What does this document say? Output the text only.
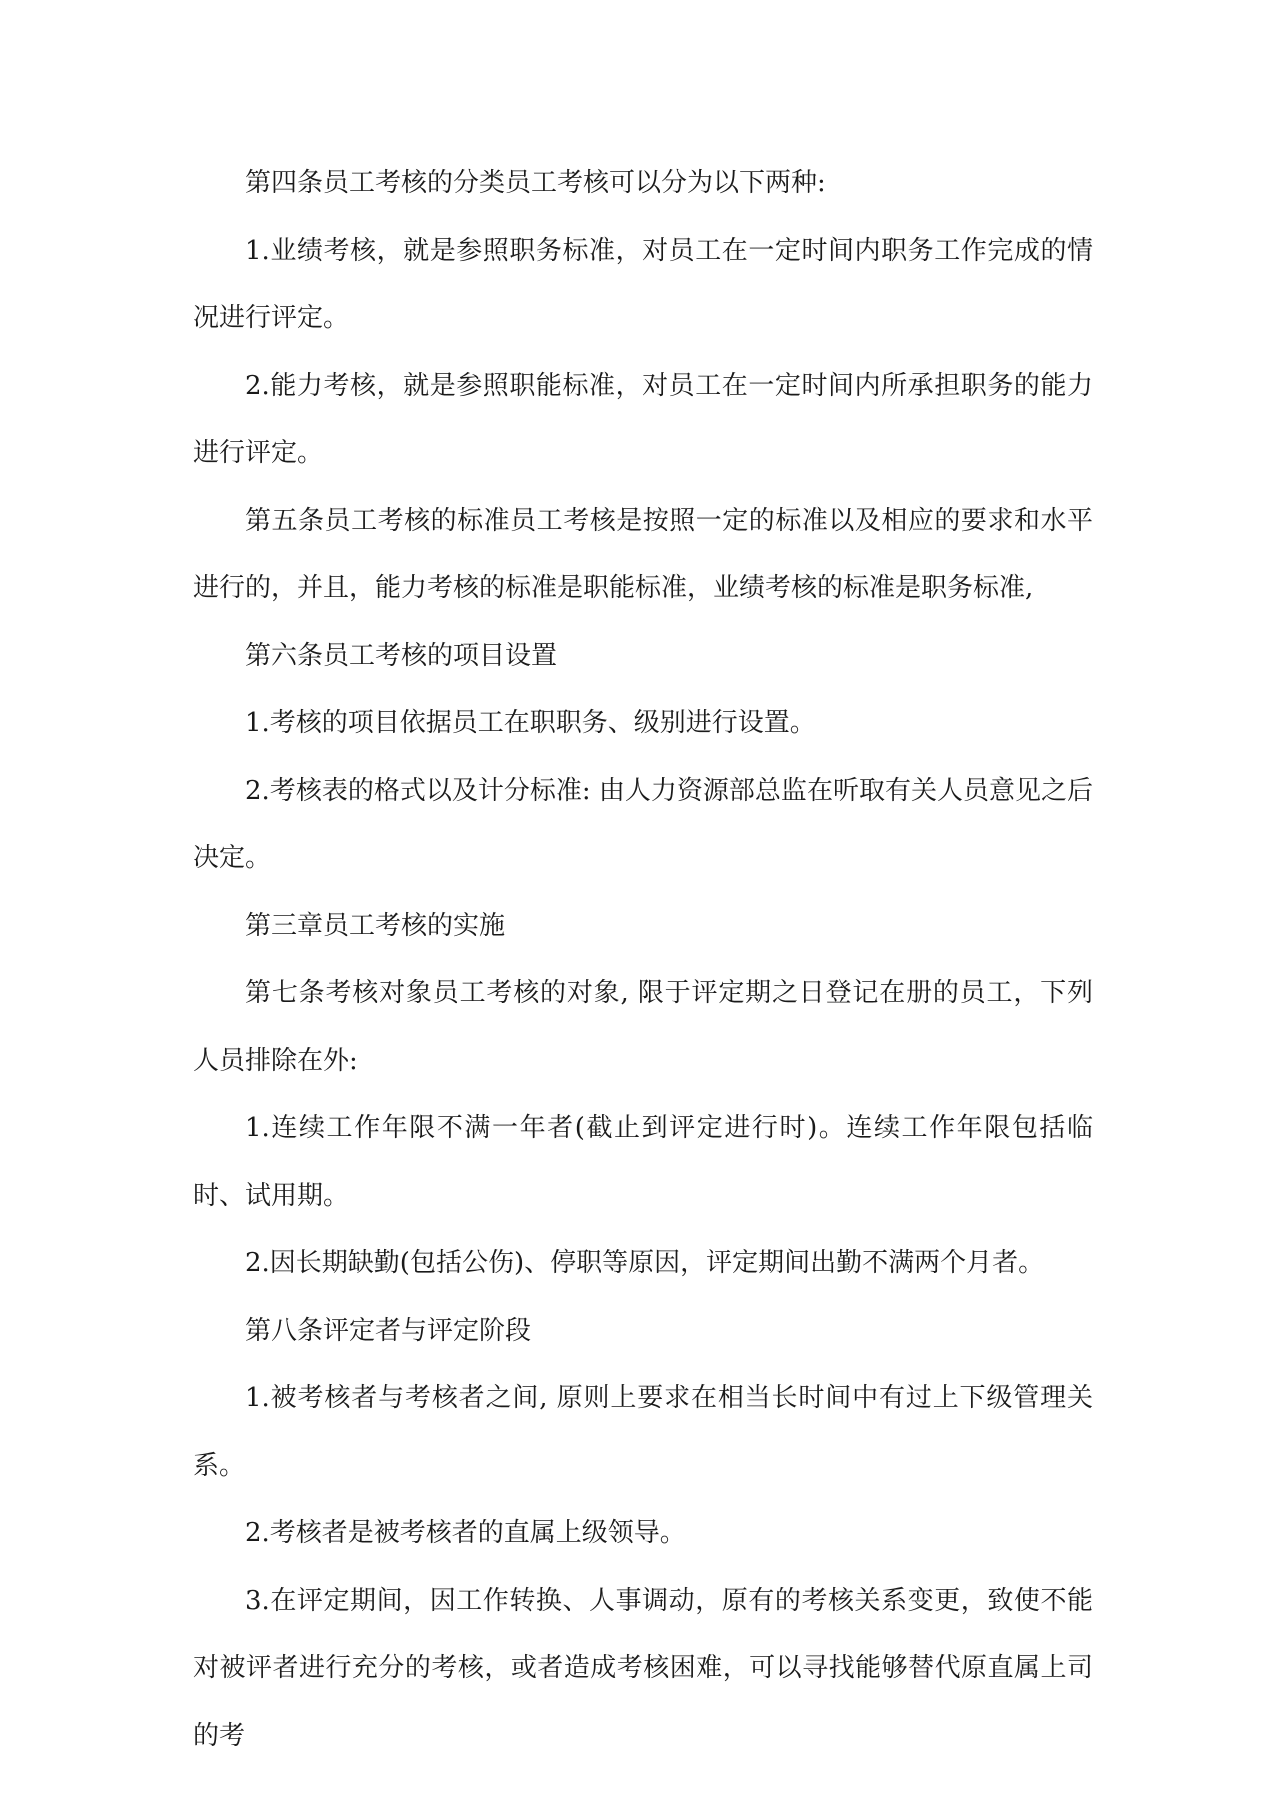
第四条员工考核的分类员工考核可以分为以下两种:

1.业绩考核，就是参照职务标准，对员工在一定时间内职务工作完成的情况进行评定。

2.能力考核，就是参照职能标准，对员工在一定时间内所承担职务的能力进行评定。

第五条员工考核的标准员工考核是按照一定的标准以及相应的要求和水平进行的，并且，能力考核的标准是职能标准，业绩考核的标准是职务标准,

第六条员工考核的项目设置

1.考核的项目依据员工在职职务、级别进行设置。

2.考核表的格式以及计分标准: 由人力资源部总监在听取有关人员意见之后决定。

第三章员工考核的实施

第七条考核对象员工考核的对象, 限于评定期之日登记在册的员工，下列人员排除在外:

1.连续工作年限不满一年者(截止到评定进行时)。连续工作年限包括临时、试用期。

2.因长期缺勤(包括公伤)、停职等原因，评定期间出勤不满两个月者。

第八条评定者与评定阶段

1.被考核者与考核者之间, 原则上要求在相当长时间中有过上下级管理关系。

2.考核者是被考核者的直属上级领导。

3.在评定期间，因工作转换、人事调动，原有的考核关系变更，致使不能对被评者进行充分的考核，或者造成考核困难，可以寻找能够替代原直属上司的考
